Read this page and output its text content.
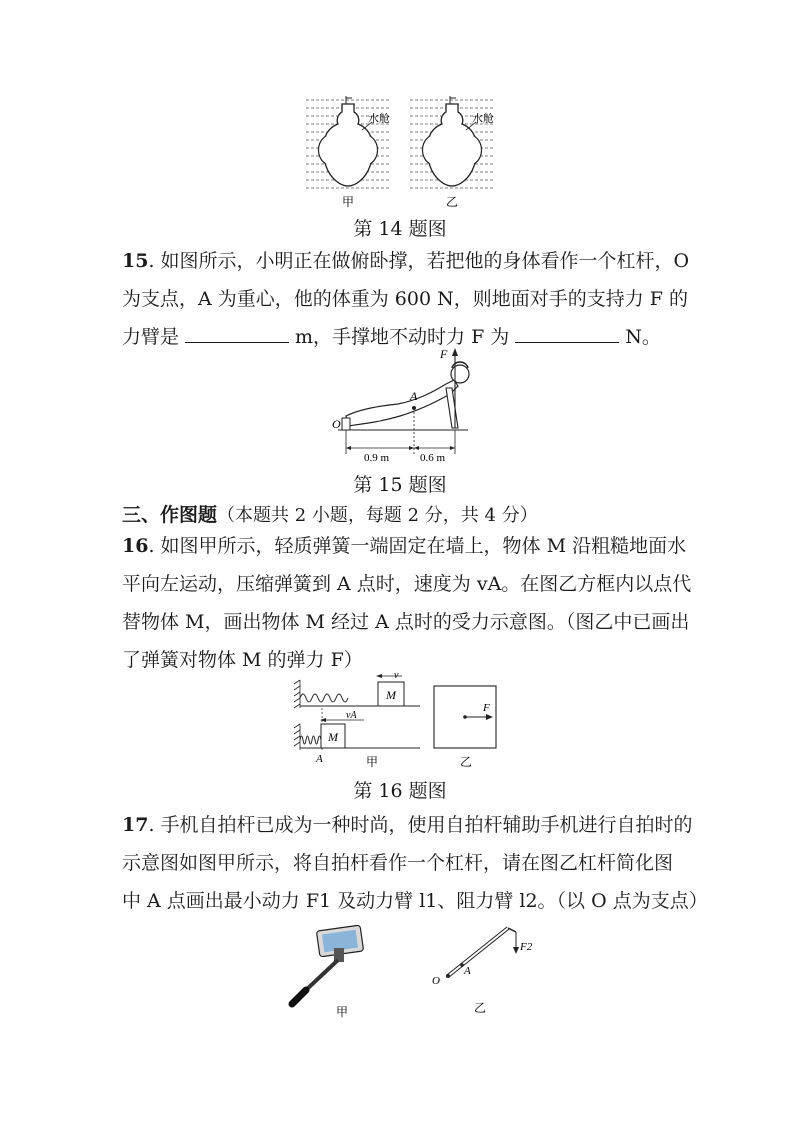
水舱
甲
水舱
乙
第 14 题图
15. 如图所示，小明正在做俯卧撑，若把他的身体看作一个杠杆，O
为支点，A 为重心，他的体重为 600 N，则地面对手的支持力 F 的
力臂是	m，手撑地不动时力 F 为	N。
F
A
O
0.9 m	0.6 m
第 15 题图
三、作图题（本题共 2 小题，每题 2 分，共 4 分）
16. 如图甲所示，轻质弹簧一端固定在墙上，物体 M 沿粗糙地面水
平向左运动，压缩弹簧到 A 点时，速度为 vA。在图乙方框内以点代
替物体 M，画出物体 M 经过 A 点时的受力示意图。（图乙中已画出
了弹簧对物体 M 的弹力 F）
M
v
M
vA
A	甲
F
乙
第 16 题图
17. 手机自拍杆已成为一种时尚，使用自拍杆辅助手机进行自拍时的
示意图如图甲所示，将自拍杆看作一个杠杆，请在图乙杠杆简化图
中 A 点画出最小动力 F1 及动力臂 l1、阻力臂 l2。（以 O 点为支点）
甲
F2
O
A
乙
